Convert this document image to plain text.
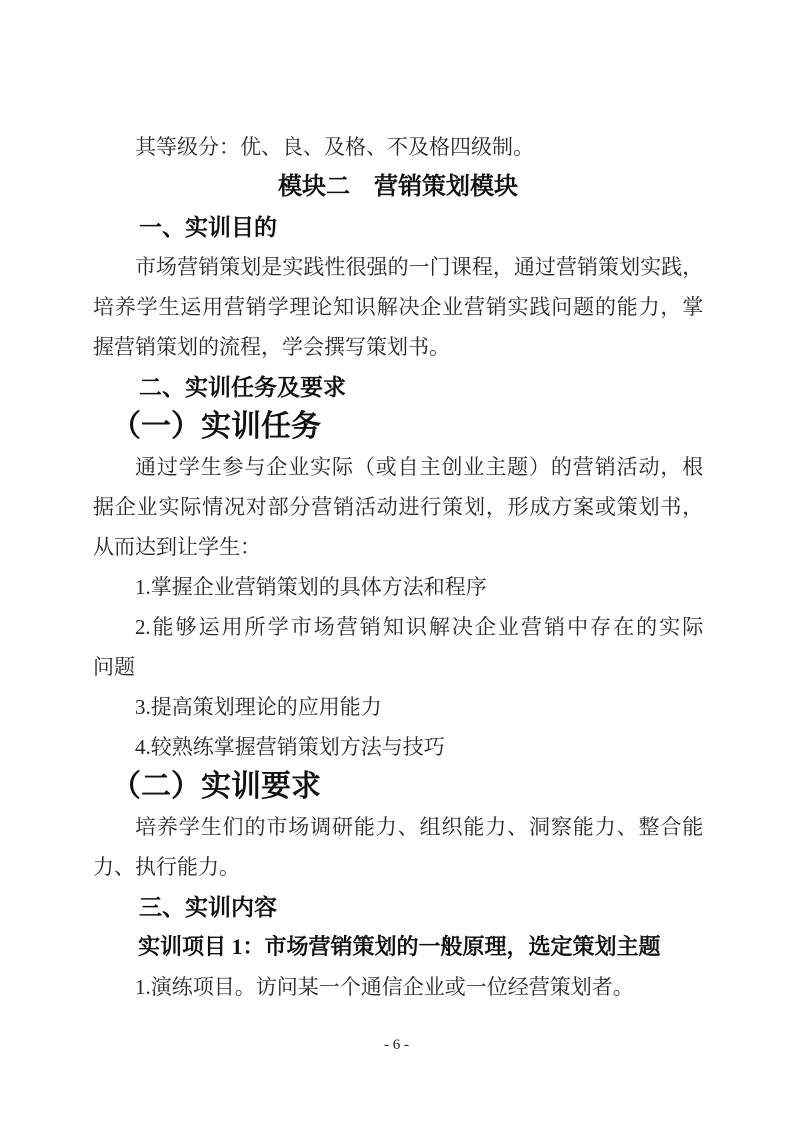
其等级分：优、良、及格、不及格四级制。
模块二　营销策划模块
一、实训目的
市场营销策划是实践性很强的一门课程，通过营销策划实践，
培养学生运用营销学理论知识解决企业营销实践问题的能力，掌
握营销策划的流程，学会撰写策划书。
二、实训任务及要求
（一）实训任务
通过学生参与企业实际（或自主创业主题）的营销活动，根
据企业实际情况对部分营销活动进行策划，形成方案或策划书，
从而达到让学生：
1.掌握企业营销策划的具体方法和程序
2.能够运用所学市场营销知识解决企业营销中存在的实际
问题
3.提高策划理论的应用能力
4.较熟练掌握营销策划方法与技巧
（二）实训要求
培养学生们的市场调研能力、组织能力、洞察能力、整合能
力、执行能力。
三、实训内容
实训项目 1：市场营销策划的一般原理，选定策划主题
1.演练项目。访问某一个通信企业或一位经营策划者。
- 6 -
